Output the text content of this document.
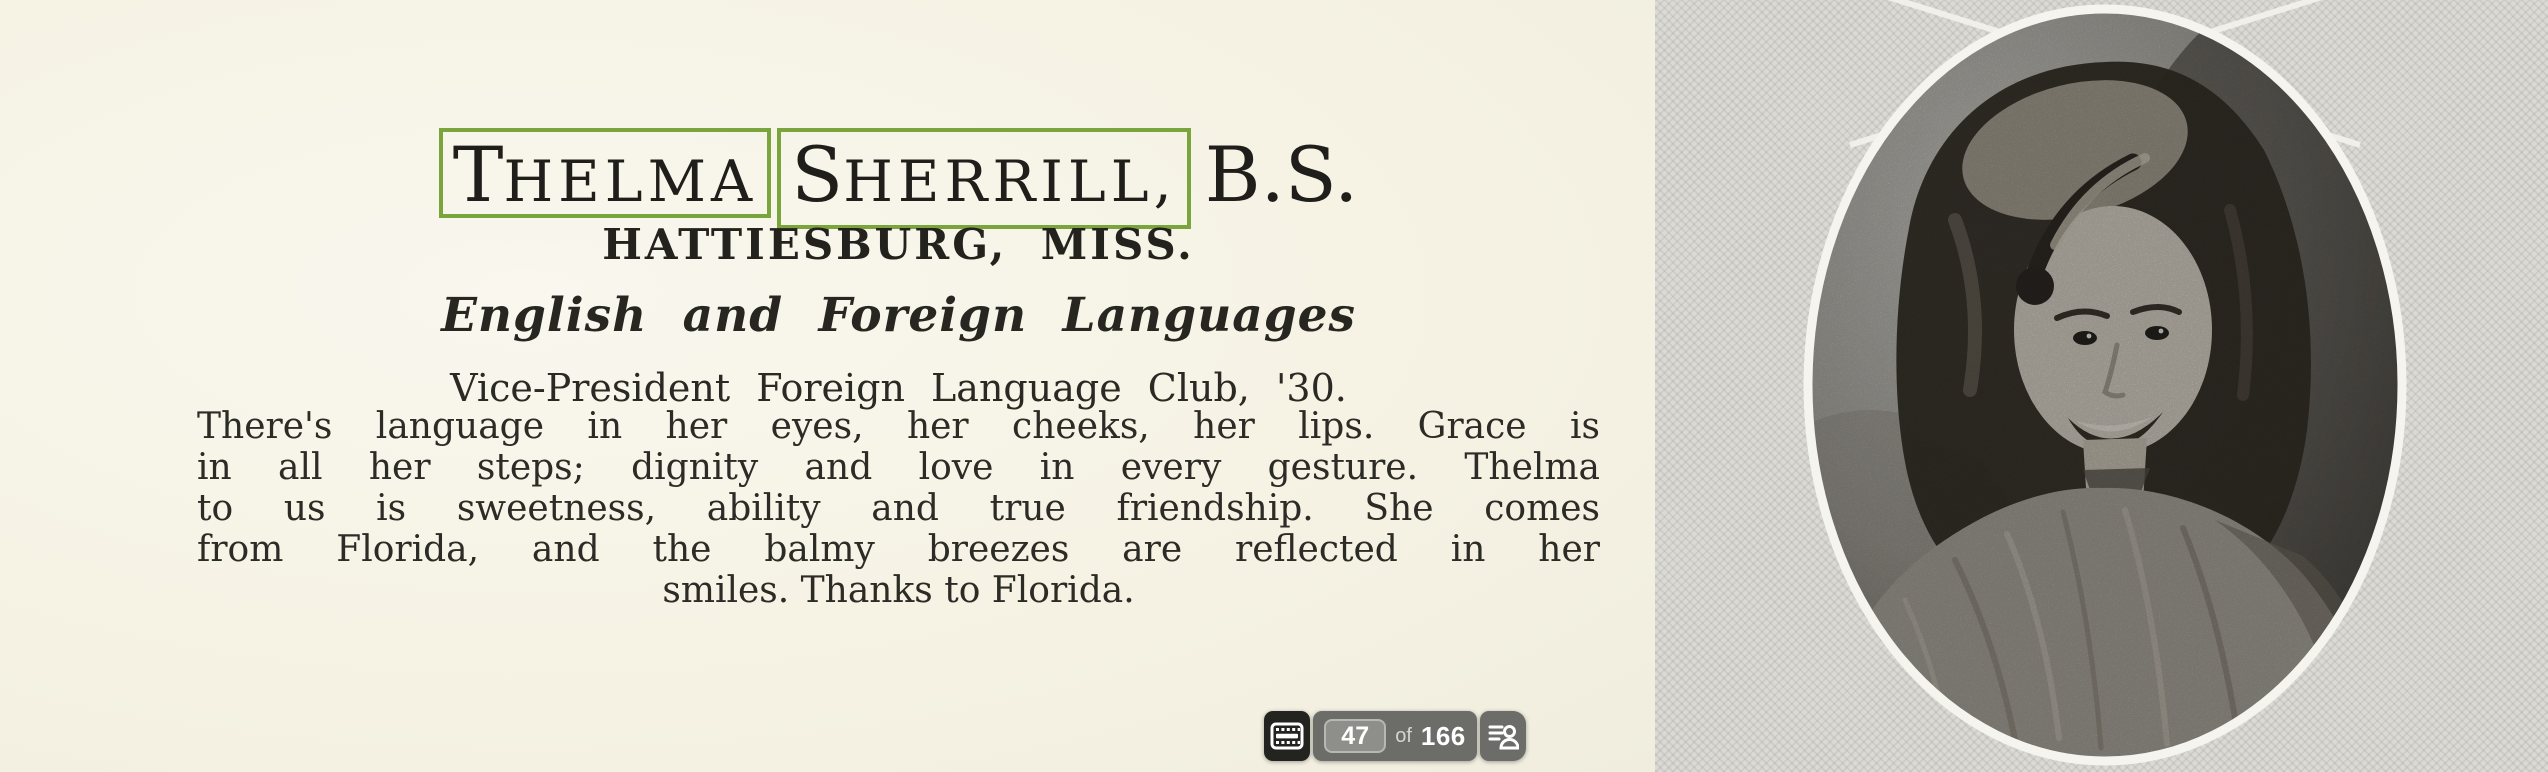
THELMA SHERRILL, B.S.
HATTIESBURG, MISS.
English and Foreign Languages
Vice-President Foreign Language Club, '30.
There's language in her eyes, her cheeks, her lips. Grace is
in all her steps; dignity and love in every gesture. Thelma
to us is sweetness, ability and true friendship. She comes
from Florida, and the balmy breezes are reflected in her
smiles. Thanks to Florida.
47
of 166
